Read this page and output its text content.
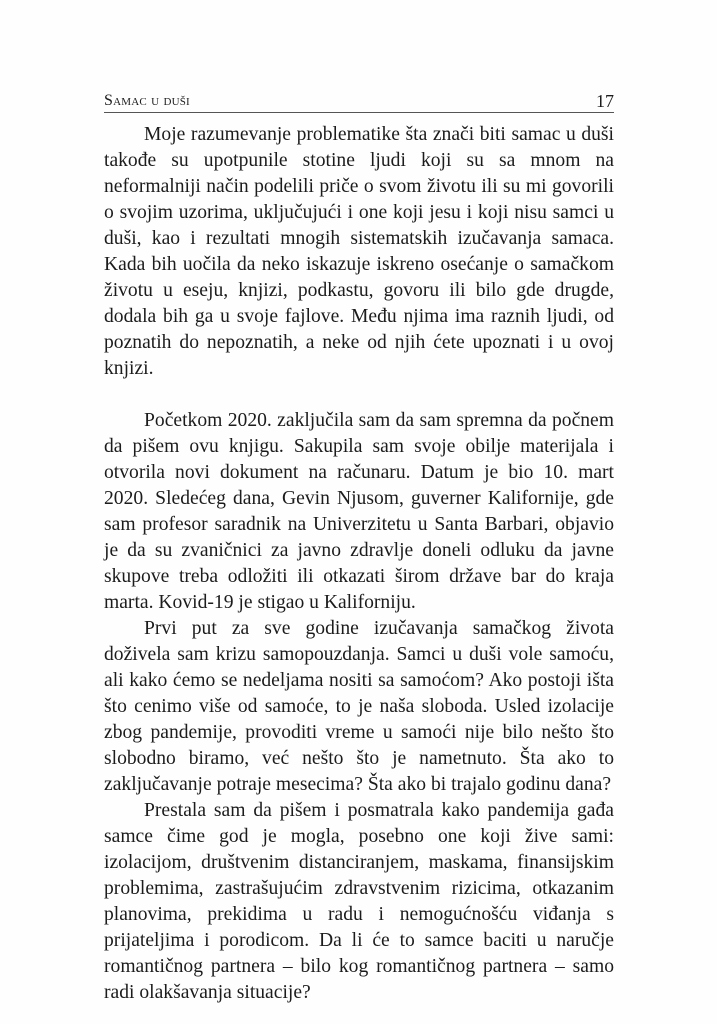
Samac u duši	17

Moje razumevanje problematike šta znači biti samac u duši takođe su upotpunile stotine ljudi koji su sa mnom na neformalniji način podelili priče o svom životu ili su mi govorili o svojim uzorima, uključujući i one koji jesu i koji nisu samci u duši, kao i rezultati mnogih sistematskih izučavanja samaca. Kada bih uočila da neko iskazuje iskreno osećanje o samačkom životu u eseju, knjizi, podkastu, govoru ili bilo gde drugde, dodala bih ga u svoje fajlove. Među njima ima raznih ljudi, od poznatih do nepoznatih, a neke od njih ćete upoznati i u ovoj knjizi.

Početkom 2020. zaključila sam da sam spremna da počnem da pišem ovu knjigu. Sakupila sam svoje obilje materijala i otvorila novi dokument na računaru. Datum je bio 10. mart 2020. Sledećeg dana, Gevin Njusom, guverner Kalifornije, gde sam profesor saradnik na Univerzitetu u Santa Barbari, objavio je da su zvaničnici za javno zdravlje doneli odluku da javne skupove treba odložiti ili otkazati širom države bar do kraja marta. Kovid-19 je stigao u Kaliforniju.

Prvi put za sve godine izučavanja samačkog života doživela sam krizu samopouzdanja. Samci u duši vole samoću, ali kako ćemo se nedeljama nositi sa samoćom? Ako postoji išta što cenimo više od samoće, to je naša sloboda. Usled izolacije zbog pandemije, provoditi vreme u samoći nije bilo nešto što slobodno biramo, već nešto što je nametnuto. Šta ako to zaključavanje potraje mesecima? Šta ako bi trajalo godinu dana?

Prestala sam da pišem i posmatrala kako pandemija gađa samce čime god je mogla, posebno one koji žive sami: izolacijom, društvenim distanciranjem, maskama, finansijskim problemima, zastrašujućim zdravstvenim rizicima, otkazanim planovima, prekidima u radu i nemogućnošću viđanja s prijateljima i porodicom. Da li će to samce baciti u naručje romantičnog partnera – bilo kog romantičnog partnera – samo radi olakšavanja situacije?
